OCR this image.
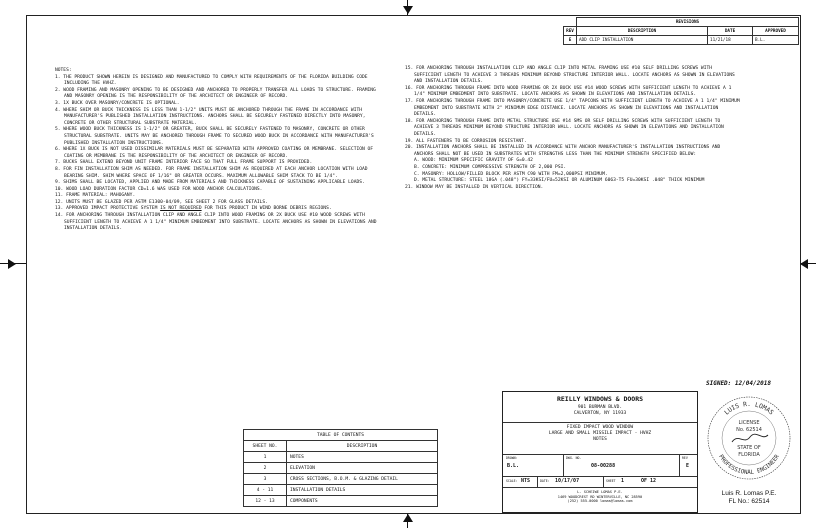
	REVISIONS		
REV	DESCRIPTION	DATE	APPROVED
E	ADD CLIP INSTALLATION	11/21/18	B.L.

NOTES:

1. THE PRODUCT SHOWN HEREIN IS DESIGNED AND MANUFACTURED TO COMPLY WITH REQUIREMENTS OF THE FLORIDA BUILDING CODE INCLUDING THE HVHZ.

2. WOOD FRAMING AND MASONRY OPENING TO BE DESIGNED AND ANCHORED TO PROPERLY TRANSFER ALL LOADS TO STRUCTURE. FRAMING AND MASONRY OPENING IS THE RESPONSIBILITY OF THE ARCHITECT OR ENGINEER OF RECORD.

3. 1X BUCK OVER MASONRY/CONCRETE IS OPTIONAL.

4. WHERE SHIM OR BUCK THICKNESS IS LESS THAN 1-1/2" UNITS MUST BE ANCHORED THROUGH THE FRAME IN ACCORDANCE WITH MANUFACTURER'S PUBLISHED INSTALLATION INSTRUCTIONS. ANCHORS SHALL BE SECURELY FASTENED DIRECTLY INTO MASONRY, CONCRETE OR OTHER STRUCTURAL SUBSTRATE MATERIAL.

5. WHERE WOOD BUCK THICKNESS IS 1-1/2" OR GREATER, BUCK SHALL BE SECURELY FASTENED TO MASONRY, CONCRETE OR OTHER STRUCTURAL SUBSTRATE. UNITS MAY BE ANCHORED THROUGH FRAME TO SECURED WOOD BUCK IN ACCORDANCE WITH MANUFACTURER'S PUBLISHED INSTALLATION INSTRUCTIONS.

6. WHERE 1X BUCK IS NOT USED DISSIMILAR MATERIALS MUST BE SEPARATED WITH APPROVED COATING OR MEMBRANE. SELECTION OF COATING OR MEMBRANE IS THE RESPONSIBILITY OF THE ARCHITECT OR ENGINEER OF RECORD.

7. BUCKS SHALL EXTEND BEYOND UNIT FRAME INTERIOR FACE SO THAT FULL FRAME SUPPORT IS PROVIDED.

8. FOR FIN INSTALLATION SHIM AS NEEDED. FOR FRAME INSTALLATION SHIM AS REQUIRED AT EACH ANCHOR LOCATION WITH LOAD BEARING SHIM. SHIM WHERE SPACE OF 1/16" OR GREATER OCCURS. MAXIMUM ALLOWABLE SHIM STACK TO BE 1/4".

9. SHIMS SHALL BE LOCATED, APPLIED AND MADE FROM MATERIALS AND THICKNESS CAPABLE OF SUSTAINING APPLICABLE LOADS.

10. WOOD LOAD DURATION FACTOR CD=1.6 WAS USED FOR WOOD ANCHOR CALCULATIONS.

11. FRAME MATERIAL: MAHOGANY.

12. UNITS MUST BE GLAZED PER ASTM E1300-04/09, SEE SHEET 2 FOR GLASS DETAILS.

13. APPROVED IMPACT PROTECTIVE SYSTEM IS NOT REQUIRED FOR THIS PRODUCT IN WIND BORNE DEBRIS REGIONS.

14. FOR ANCHORING THROUGH INSTALLATION CLIP AND ANGLE CLIP INTO WOOD FRAMING OR 2X BUCK USE #10 WOOD SCREWS WITH SUFFICIENT LENGTH TO ACHIEVE A 1 1/4" MINIMUM EMBEDMENT INTO SUBSTRATE. LOCATE ANCHORS AS SHOWN IN ELEVATIONS AND INSTALLATION DETAILS.

15. FOR ANCHORING THROUGH INSTALLATION CLIP AND ANGLE CLIP INTO METAL FRAMING USE #10 SELF DRILLING SCREWS WITH SUFFICIENT LENGTH TO ACHIEVE 3 THREADS MINIMUM BEYOND STRUCTURE INTERIOR WALL. LOCATE ANCHORS AS SHOWN IN ELEVATIONS AND INSTALLATION DETAILS.

16. FOR ANCHORING THROUGH FRAME INTO WOOD FRAMING OR 2X BUCK USE #14 WOOD SCREWS WITH SUFFICIENT LENGTH TO ACHIEVE A 1 1/4" MINIMUM EMBEDMENT INTO SUBSTRATE. LOCATE ANCHORS AS SHOWN IN ELEVATIONS AND INSTALLATION DETAILS.

17. FOR ANCHORING THROUGH FRAME INTO MASONRY/CONCRETE USE 1/4" TAPCONS WITH SUFFICIENT LENGTH TO ACHIEVE A 1 1/4" MINIMUM EMBEDMENT INTO SUBSTRATE WITH 2" MINIMUM EDGE DISTANCE. LOCATE ANCHORS AS SHOWN IN ELEVATIONS AND INSTALLATION DETAILS.

18. FOR ANCHORING THROUGH FRAME INTO METAL STRUCTURE USE #14 SMS OR SELF DRILLING SCREWS WITH SUFFICIENT LENGTH TO ACHIEVE 3 THREADS MINIMUM BEYOND STRUCTURE INTERIOR WALL. LOCATE ANCHORS AS SHOWN IN ELEVATIONS AND INSTALLATION DETAILS.

19. ALL FASTENERS TO BE CORROSION RESISTANT.

20. INSTALLATION ANCHORS SHALL BE INSTALLED IN ACCORDANCE WITH ANCHOR MANUFACTURER'S INSTALLATION INSTRUCTIONS AND ANCHORS SHALL NOT BE USED IN SUBSTRATES WITH STRENGTHS LESS THAN THE MINIMUM STRENGTH SPECIFIED BELOW:

A. WOOD: MINIMUM SPECIFIC GRAVITY OF G=0.42

B. CONCRETE: MINIMUM COMPRESSIVE STRENGTH OF 2,000 PSI.

C. MASONRY: HOLLOW/FILLED BLOCK PER ASTM C90 WITH FM=2,000PSI MINIMUM.

D. METAL STRUCTURE: STEEL 18GA (.048") FY=33KSI/FU=52KSI OR ALUMINUM 6063-T5 FU=30KSI .048" THICK MINIMUM

21. WINDOW MAY BE INSTALLED IN VERTICAL DIRECTION.

SIGNED: 12/04/2018
TABLE OF CONTENTS	
SHEET NO.	DESCRIPTION
1	NOTES
2	ELEVATION
3	CROSS SECTIONS, B.O.M. & GLAZING DETAIL
4 - 11	INSTALLATION DETAILS
12 - 13	COMPONENTS
REILLY WINDOWS & DOORS
901 BURMAN BLVD.
CALVERTON, NY 11933
FIXED IMPACT WOOD WINDOW
LARGE AND SMALL MISSILE IMPACT - HVHZ
NOTES
DRAWN:
B.L.
DWG. NO.
08-00288
REV
E
SCALE: NTS	DATE: 10/17/07	SHEET 1	OF 12
L. SCHEIWE LOMAS P.E.
1469 WOODCREST RD WINTERVILLE, NC 28590
(252) 555-0000 lomas@lomas.com
LUIS R. LOMAS
PROFESSIONAL ENGINEER
LICENSE
No. 62514
STATE OF
FLORIDA
Luis R. Lomas P.E.
FL No.: 62514
